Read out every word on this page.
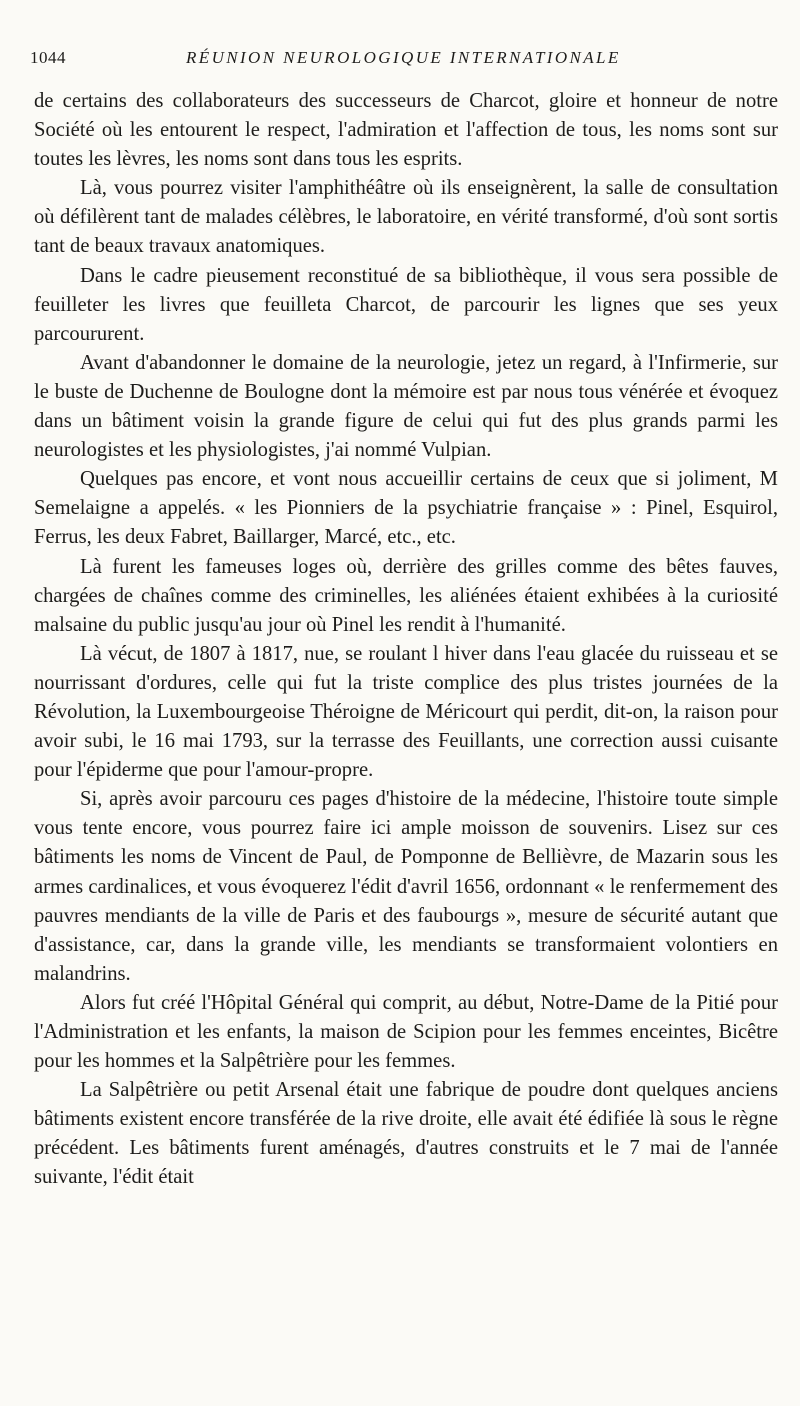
1044	RÉUNION NEUROLOGIQUE INTERNATIONALE

de certains des collaborateurs des successeurs de Charcot, gloire et honneur de notre Société où les entourent le respect, l'admiration et l'affection de tous, les noms sont sur toutes les lèvres, les noms sont dans tous les esprits.

Là, vous pourrez visiter l'amphithéâtre où ils enseignèrent, la salle de consultation où défilèrent tant de malades célèbres, le laboratoire, en vérité transformé, d'où sont sortis tant de beaux travaux anatomiques.

Dans le cadre pieusement reconstitué de sa bibliothèque, il vous sera possible de feuilleter les livres que feuilleta Charcot, de parcourir les lignes que ses yeux parcoururent.

Avant d'abandonner le domaine de la neurologie, jetez un regard, à l'Infirmerie, sur le buste de Duchenne de Boulogne dont la mémoire est par nous tous vénérée et évoquez dans un bâtiment voisin la grande figure de celui qui fut des plus grands parmi les neurologistes et les physiologistes, j'ai nommé Vulpian.

Quelques pas encore, et vont nous accueillir certains de ceux que si joliment, M Semelaigne a appelés. « les Pionniers de la psychiatrie française » : Pinel, Esquirol, Ferrus, les deux Fabret, Baillarger, Marcé, etc., etc.

Là furent les fameuses loges où, derrière des grilles comme des bêtes fauves, chargées de chaînes comme des criminelles, les aliénées étaient exhibées à la curiosité malsaine du public jusqu'au jour où Pinel les rendit à l'humanité.

Là vécut, de 1807 à 1817, nue, se roulant l hiver dans l'eau glacée du ruisseau et se nourrissant d'ordures, celle qui fut la triste complice des plus tristes journées de la Révolution, la Luxembourgeoise Théroigne de Méricourt qui perdit, dit-on, la raison pour avoir subi, le 16 mai 1793, sur la terrasse des Feuillants, une correction aussi cuisante pour l'épiderme que pour l'amour-propre.

Si, après avoir parcouru ces pages d'histoire de la médecine, l'histoire toute simple vous tente encore, vous pourrez faire ici ample moisson de souvenirs. Lisez sur ces bâtiments les noms de Vincent de Paul, de Pomponne de Bellièvre, de Mazarin sous les armes cardinalices, et vous évoquerez l'édit d'avril 1656, ordonnant « le renfermement des pauvres mendiants de la ville de Paris et des faubourgs », mesure de sécurité autant que d'assistance, car, dans la grande ville, les mendiants se transformaient volontiers en malandrins.

Alors fut créé l'Hôpital Général qui comprit, au début, Notre-Dame de la Pitié pour l'Administration et les enfants, la maison de Scipion pour les femmes enceintes, Bicêtre pour les hommes et la Salpêtrière pour les femmes.

La Salpêtrière ou petit Arsenal était une fabrique de poudre dont quelques anciens bâtiments existent encore transférée de la rive droite, elle avait été édifiée là sous le règne précédent. Les bâtiments furent aménagés, d'autres construits et le 7 mai de l'année suivante, l'édit était
